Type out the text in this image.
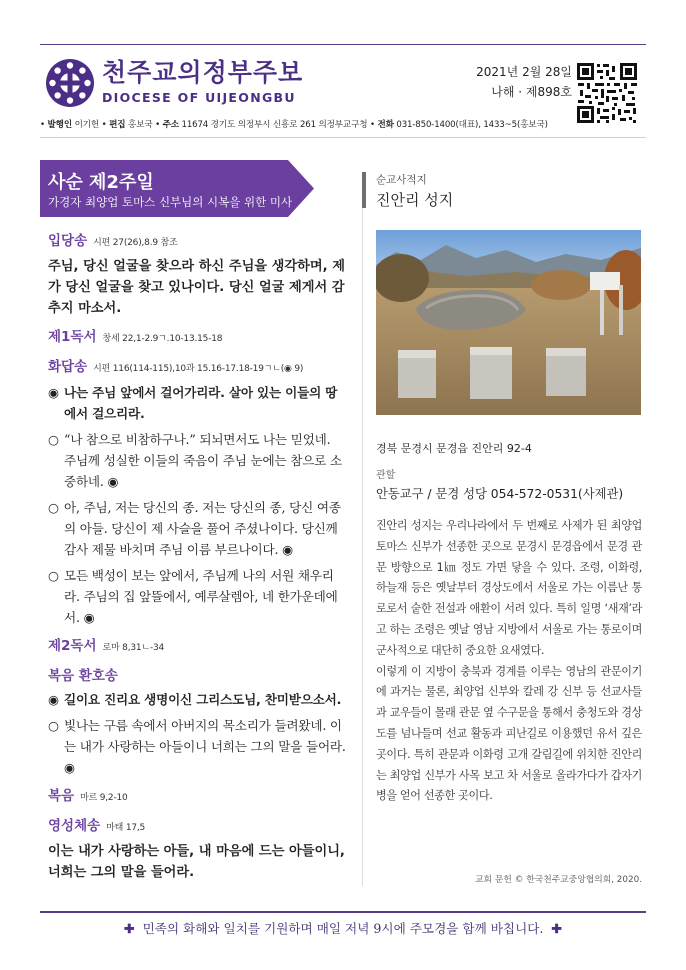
천주교의정부주보
DIOCESE OF UIJEONGBU
2021년 2월 28일
나해 · 제898호
• 발행인 이기헌 • 편집 홍보국 • 주소 11674 경기도 의정부시 신흥로 261 의정부교구청 • 전화 031-850-1400(대표), 1433~5(홍보국)
사순 제2주일
가경자 최양업 토마스 신부님의 시복을 위한 미사
입당송 시편 27(26),8.9 참조
주님, 당신 얼굴을 찾으라 하신 주님을 생각하며, 제가 당신 얼굴을 찾고 있나이다. 당신 얼굴 제게서 감추지 마소서.
제1독서 창세 22,1-2.9ㄱ.10-13.15-18
화답송 시편 116(114-115),10과 15.16-17.18-19ㄱㄴ(◉ 9)
◉ 나는 주님 앞에서 걸어가리라. 살아 있는 이들의 땅에서 걸으리라.
○ “나 참으로 비참하구나.” 되뇌면서도 나는 믿었네. 주님께 성실한 이들의 죽음이 주님 눈에는 참으로 소중하네. ◉
○ 아, 주님, 저는 당신의 종. 저는 당신의 종, 당신 여종의 아들. 당신이 제 사슬을 풀어 주셨나이다. 당신께 감사 제물 바치며 주님 이름 부르나이다. ◉
○ 모든 백성이 보는 앞에서, 주님께 나의 서원 채우리라. 주님의 집 앞뜰에서, 예루살렘아, 네 한가운데에서. ◉
제2독서 로마 8,31ㄴ-34
복음 환호송
◉ 길이요 진리요 생명이신 그리스도님, 찬미받으소서.
○ 빛나는 구름 속에서 아버지의 목소리가 들려왔네. 이는 내가 사랑하는 아들이니 너희는 그의 말을 들어라. ◉
복음 마르 9,2-10
영성체송 마태 17,5
이는 내가 사랑하는 아들, 내 마음에 드는 아들이니, 너희는 그의 말을 들어라.
순교사적지
진안리 성지
경북 문경시 문경읍 진안리 92-4
관할
안동교구 / 문경 성당 054-572-0531(사제관)

진안리 성지는 우리나라에서 두 번째로 사제가 된 최양업 토마스 신부가 선종한 곳으로 문경시 문경읍에서 문경 관문 방향으로 1㎞ 정도 가면 닿을 수 있다. 조령, 이화령, 하늘재 등은 옛날부터 경상도에서 서울로 가는 이름난 통로로서 숱한 전설과 애환이 서려 있다. 특히 일명 ‘새재’라고 하는 조령은 옛날 영남 지방에서 서울로 가는 통로이며 군사적으로 대단히 중요한 요새였다.

이렇게 이 지방이 충북과 경계를 이루는 영남의 관문이기에 과거는 물론, 최양업 신부와 칼레 강 신부 등 선교사들과 교우들이 몰래 관문 옆 수구문을 통해서 충청도와 경상도를 넘나들며 선교 활동과 피난길로 이용했던 유서 깊은 곳이다. 특히 관문과 이화령 고개 갈림길에 위치한 진안리는 최양업 신부가 사목 보고 차 서울로 올라가다가 갑자기 병을 얻어 선종한 곳이다.

교회 문헌 © 한국천주교중앙협의회, 2020.
✚ 민족의 화해와 일치를 기원하며 매일 저녁 9시에 주모경을 함께 바칩니다. ✚
